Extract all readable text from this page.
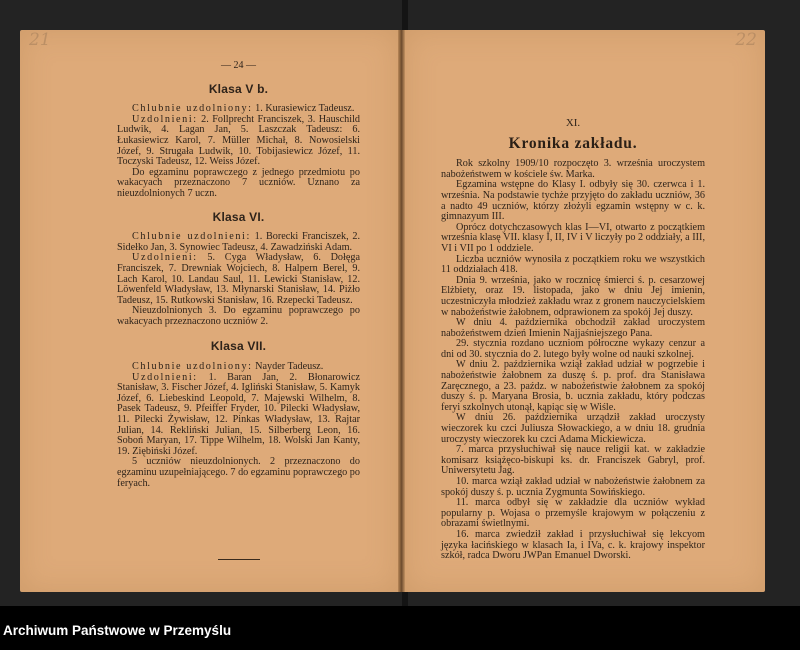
21
— 24 —
Klasa V b.

Chlubnie uzdolniony: 1. Kurasiewicz Tadeusz.

Uzdolnieni: 2. Follprecht Franciszek, 3. Hauschild Ludwik, 4. Lagan Jan, 5. Laszczak Tadeusz: 6. Łukasiewicz Karol, 7. Müller Michał, 8. Nowosielski Józef, 9. Strugała Ludwik, 10. Tobijasiewicz Józef, 11. Toczyski Tadeusz, 12. Weiss Józef.

Do egzaminu poprawczego z jednego przedmiotu po wakacyach przeznaczono 7 uczniów. Uznano za nieuzdolnionych 7 uczn.

Klasa VI.

Chlubnie uzdolnieni: 1. Borecki Franciszek, 2. Sidełko Jan, 3. Synowiec Tadeusz, 4. Zawadziński Adam.

Uzdolnieni: 5. Cyga Władysław, 6. Dołęga Franciszek, 7. Drewniak Wojciech, 8. Halpern Berel, 9. Lach Karol, 10. Landau Saul, 11. Lewicki Stanisław, 12. Löwenfeld Władysław, 13. Młynarski Stanisław, 14. Piżło Tadeusz, 15. Rutkowski Stanisław, 16. Rzepecki Tadeusz.

Nieuzdolnionych 3. Do egzaminu poprawczego po wakacyach przeznaczono uczniów 2.

Klasa VII.

Chlubnie uzdolniony: Nayder Tadeusz.

Uzdolnieni: 1. Baran Jan, 2. Błonarowicz Stanisław, 3. Fischer Józef, 4. Igliński Stanisław, 5. Kamyk Józef, 6. Liebeskind Leopold, 7. Majewski Wilhelm, 8. Pasek Tadeusz, 9. Pfeiffer Fryder, 10. Pilecki Władysław, 11. Pilecki Żywisław, 12. Pinkas Władysław, 13. Rajtar Julian, 14. Rekliński Julian, 15. Silberberg Leon, 16. Soboń Maryan, 17. Tippe Wilhelm, 18. Wolski Jan Kanty, 19. Ziębiński Józef.

5 uczniów nieuzdolnionych. 2 przeznaczono do egzaminu uzupełniającego. 7 do egzaminu poprawczego po feryach.

22
XI.
Kronika zakładu.

Rok szkolny 1909/10 rozpoczęto 3. września uroczystem nabożeństwem w kościele św. Marka.

Egzamina wstępne do Klasy I. odbyły się 30. czerwca i 1. września. Na podstawie tychże przyjęto do zakładu uczniów, 36 a nadto 49 uczniów, którzy złożyli egzamin wstępny w c. k. gimnazyum III.

Oprócz dotychczasowych klas I—VI, otwarto z początkiem września klasę VII. klasy I, II, IV i V liczyły po 2 oddziały, a III, VI i VII po 1 oddziele.

Liczba uczniów wynosiła z początkiem roku we wszystkich 11 oddziałach 418.

Dnia 9. września, jako w rocznicę śmierci ś. p. cesarzowej Elżbiety, oraz 19. listopada, jako w dniu Jej imienin, uczestniczyła młodzież zakładu wraz z gronem nauczycielskiem w nabożeństwie żałobnem, odprawionem za spokój Jej duszy.

W dniu 4. października obchodził zakład uroczystem nabożeństwem dzień Imienin Najjaśniejszego Pana.

29. stycznia rozdano uczniom półroczne wykazy cenzur a dni od 30. stycznia do 2. lutego były wolne od nauki szkolnej.

W dniu 2. października wziął zakład udział w pogrzebie i nabożeństwie żałobnem za duszę ś. p. prof. dra Stanisława Zaręcznego, a 23. paźdz. w nabożeństwie żałobnem za spokój duszy ś. p. Maryana Brosia, b. ucznia zakładu, który podczas feryi szkolnych utonął, kąpiąc się w Wiśle.

W dniu 26. października urządził zakład uroczysty wieczorek ku czci Juliusza Słowackiego, a w dniu 18. grudnia uroczysty wieczorek ku czci Adama Mickiewicza.

7. marca przysłuchiwał się nauce religii kat. w zakładzie komisarz książęco-biskupi ks. dr. Franciszek Gabryl, prof. Uniwersytetu Jag.

10. marca wziął zakład udział w nabożeństwie żałobnem za spokój duszy ś. p. ucznia Zygmunta Sowińskiego.

11. marca odbył się w zakładzie dla uczniów wykład popularny p. Wojasa o przemyśle krajowym w połączeniu z obrazami świetlnymi.

16. marca zwiedził zakład i przysłuchiwał się lekcyom języka łacińskiego w klasach Ia, i IVa, c. k. krajowy inspektor szkół, radca Dworu JWPan Emanuel Dworski.

Archiwum Państwowe w Przemyślu
